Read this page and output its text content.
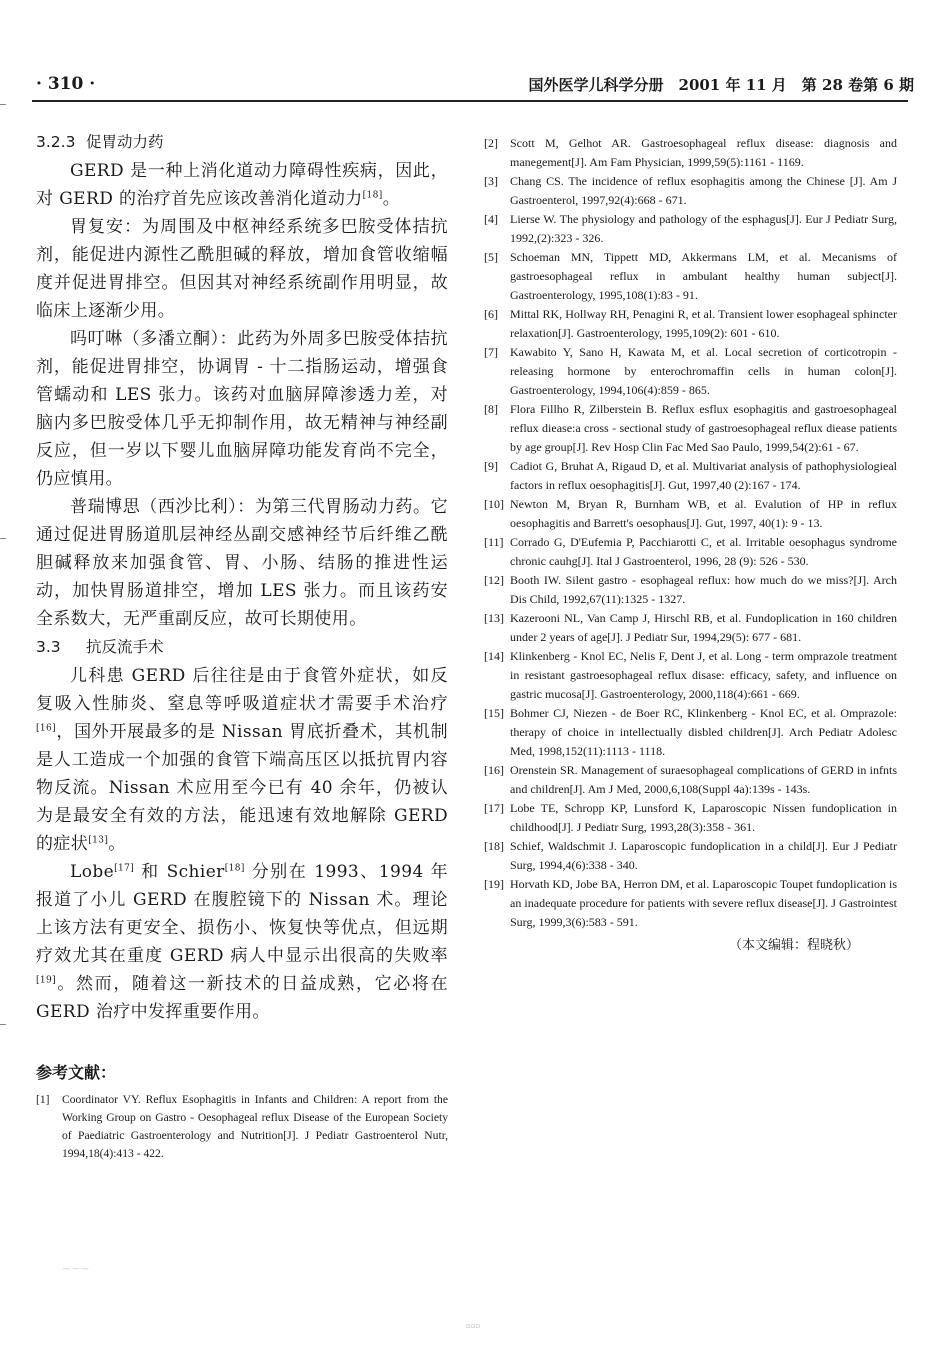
· 310 ·	国外医学儿科学分册　2001 年 11 月　第 28 卷第 6 期
3.2.3 促胃动力药

GERD 是一种上消化道动力障碍性疾病，因此，对 GERD 的治疗首先应该改善消化道动力[18]。

胃复安：为周围及中枢神经系统多巴胺受体拮抗剂，能促进内源性乙酰胆碱的释放，增加食管收缩幅度并促进胃排空。但因其对神经系统副作用明显，故临床上逐渐少用。

吗叮啉（多潘立酮）：此药为外周多巴胺受体拮抗剂，能促进胃排空，协调胃 - 十二指肠运动，增强食管蠕动和 LES 张力。该药对血脑屏障渗透力差，对脑内多巴胺受体几乎无抑制作用，故无精神与神经副反应，但一岁以下婴儿血脑屏障功能发育尚不完全，仍应慎用。

普瑞博思（西沙比利）：为第三代胃肠动力药。它通过促进胃肠道肌层神经丛副交感神经节后纤维乙酰胆碱释放来加强食管、胃、小肠、结肠的推进性运动，加快胃肠道排空，增加 LES 张力。而且该药安全系数大，无严重副反应，故可长期使用。

3.3 抗反流手术

儿科患 GERD 后往往是由于食管外症状，如反复吸入性肺炎、窒息等呼吸道症状才需要手术治疗[16]，国外开展最多的是 Nissan 胃底折叠术，其机制是人工造成一个加强的食管下端高压区以抵抗胃内容物反流。Nissan 术应用至今已有 40 余年，仍被认为是最安全有效的方法，能迅速有效地解除 GERD 的症状[13]。

Lobe[17] 和 Schier[18] 分别在 1993、1994 年报道了小儿 GERD 在腹腔镜下的 Nissan 术。理论上该方法有更安全、损伤小、恢复快等优点，但远期疗效尤其在重度 GERD 病人中显示出很高的失败率[19]。然而，随着这一新技术的日益成熟，它必将在 GERD 治疗中发挥重要作用。

参考文献：
[1] Coordinator VY. Reflux Esophagitis in Infants and Children: A report from the Working Group on Gastro - Oesophageal reflux Disease of the European Society of Paediatric Gastroenterology and Nutrition[J]. J Pediatr Gastroenterol Nutr, 1994,18(4):413 - 422.
[2] Scott M, Gelhot AR. Gastroesophageal reflux disease: diagnosis and manegement[J]. Am Fam Physician, 1999,59(5):1161 - 1169.
[3] Chang CS. The incidence of reflux esophagitis among the Chinese [J]. Am J Gastroenterol, 1997,92(4):668 - 671.
[4] Lierse W. The physiology and pathology of the esphagus[J]. Eur J Pediatr Surg, 1992,(2):323 - 326.
[5] Schoeman MN, Tippett MD, Akkermans LM, et al. Mecanisms of gastroesophageal reflux in ambulant healthy human subject[J]. Gastroenterology, 1995,108(1):83 - 91.
[6] Mittal RK, Hollway RH, Penagini R, et al. Transient lower esophageal sphincter relaxation[J]. Gastroenterology, 1995,109(2): 601 - 610.
[7] Kawabito Y, Sano H, Kawata M, et al. Local secretion of corticotropin - releasing hormone by enterochromaffin cells in human colon[J]. Gastroenterology, 1994,106(4):859 - 865.
[8] Flora Fillho R, Zilberstein B. Reflux esflux esophagitis and gastroesophageal reflux diease:a cross - sectional study of gastroesophageal reflux diease patients by age group[J]. Rev Hosp Clin Fac Med Sao Paulo, 1999,54(2):61 - 67.
[9] Cadiot G, Bruhat A, Rigaud D, et al. Multivariat analysis of pathophysiologieal factors in reflux oesophagitis[J]. Gut, 1997,40 (2):167 - 174.
[10] Newton M, Bryan R, Burnham WB, et al. Evalution of HP in reflux oesophagitis and Barrett's oesophaus[J]. Gut, 1997, 40(1): 9 - 13.
[11] Corrado G, D'Eufemia P, Pacchiarotti C, et al. Irritable oesophagus syndrome chronic cauhg[J]. Ital J Gastroenterol, 1996, 28 (9): 526 - 530.
[12] Booth IW. Silent gastro - esophageal reflux: how much do we miss?[J]. Arch Dis Child, 1992,67(11):1325 - 1327.
[13] Kazerooni NL, Van Camp J, Hirschl RB, et al. Fundoplication in 160 children under 2 years of age[J]. J Pediatr Sur, 1994,29(5): 677 - 681.
[14] Klinkenberg - Knol EC, Nelis F, Dent J, et al. Long - term omprazole treatment in resistant gastroesophageal reflux disase: efficacy, safety, and influence on gastric mucosa[J]. Gastroenterology, 2000,118(4):661 - 669.
[15] Bohmer CJ, Niezen - de Boer RC, Klinkenberg - Knol EC, et al. Omprazole: therapy of choice in intellectually disbled children[J]. Arch Pediatr Adolesc Med, 1998,152(11):1113 - 1118.
[16] Orenstein SR. Management of suraesophageal complications of GERD in infnts and children[J]. Am J Med, 2000,6,108(Suppl 4a):139s - 143s.
[17] Lobe TE, Schropp KP, Lunsford K, Laparoscopic Nissen fundoplication in childhood[J]. J Pediatr Surg, 1993,28(3):358 - 361.
[18] Schief, Waldschmit J. Laparoscopic fundoplication in a child[J]. Eur J Pediatr Surg, 1994,4(6):338 - 340.
[19] Horvath KD, Jobe BA, Herron DM, et al. Laparoscopic Toupet fundoplication is an inadequate procedure for patients with severe reflux disease[J]. J Gastrointest Surg, 1999,3(6):583 - 591.
（本文编辑：程晓秋）
~~~
▫▫▫
